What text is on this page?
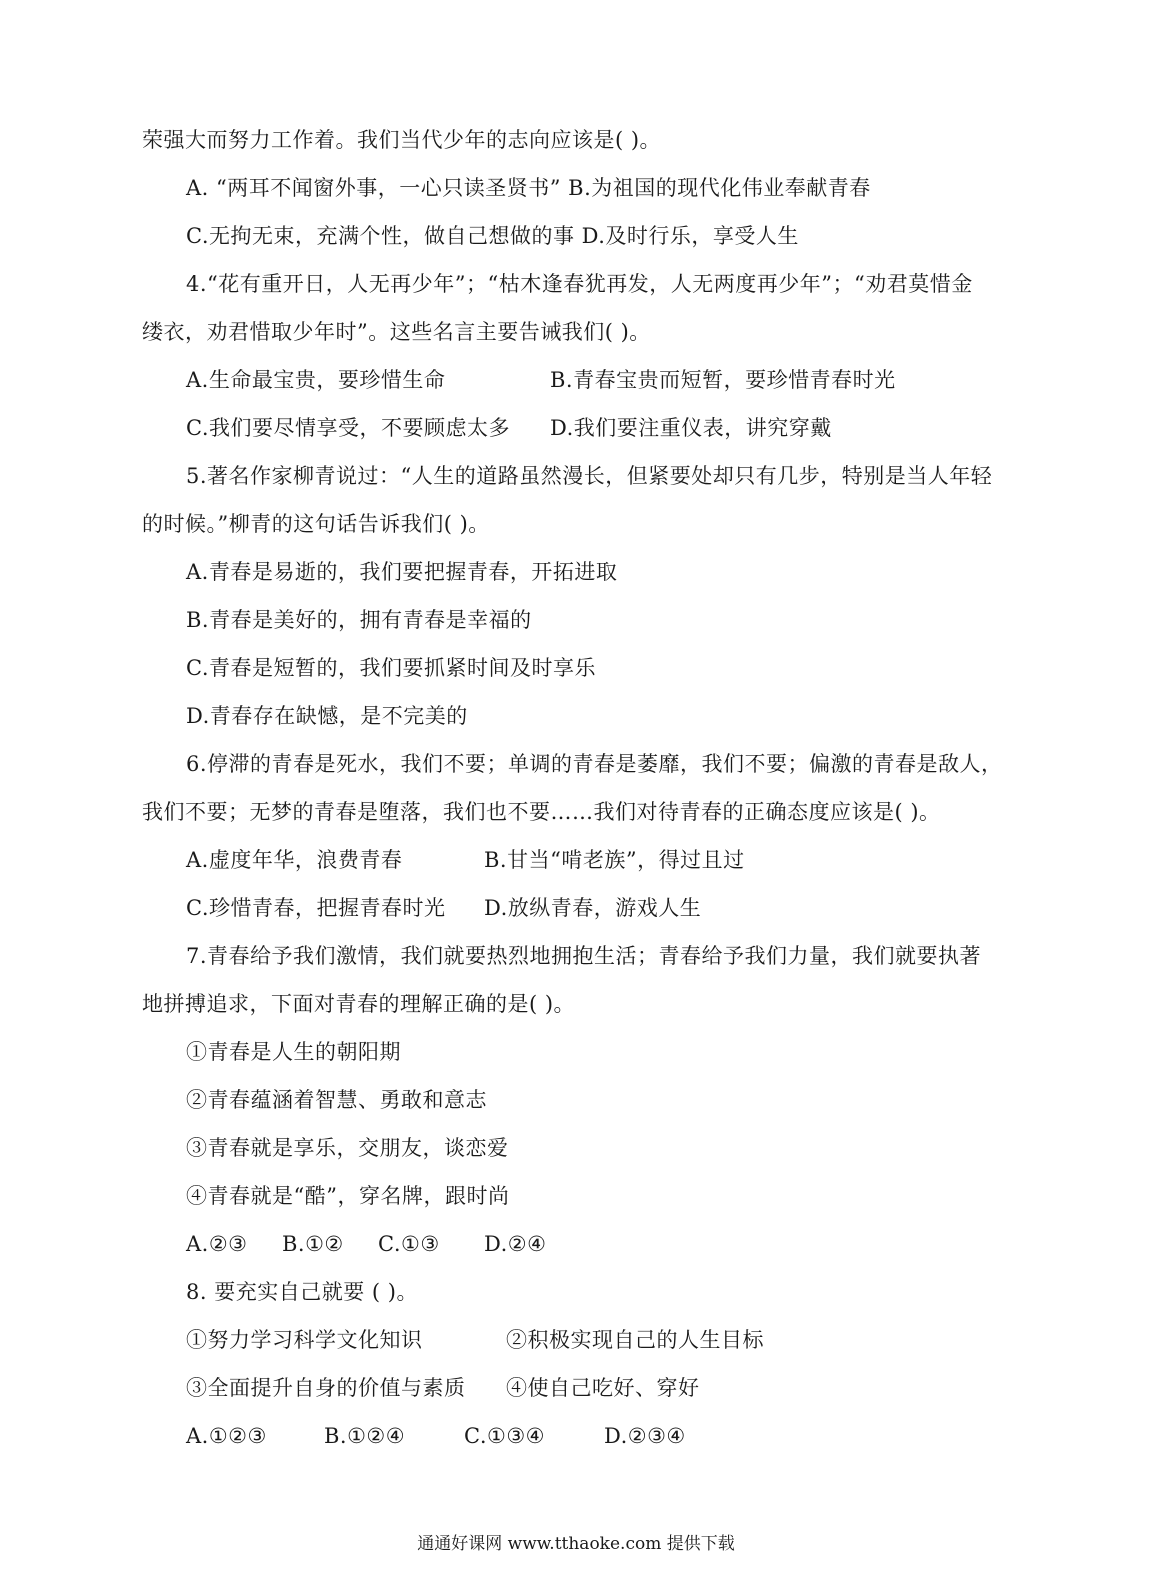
荣强大而努力工作着。我们当代少年的志向应该是( )。
A. “两耳不闻窗外事，一心只读圣贤书” B.为祖国的现代化伟业奉献青春
C.无拘无束，充满个性，做自己想做的事 D.及时行乐，享受人生
4.“花有重开日，人无再少年”；“枯木逢春犹再发，人无两度再少年”；“劝君莫惜金
缕衣，劝君惜取少年时”。这些名言主要告诫我们( )。
A.生命最宝贵，要珍惜生命	B.青春宝贵而短暂，要珍惜青春时光
C.我们要尽情享受，不要顾虑太多 D.我们要注重仪表，讲究穿戴
5.著名作家柳青说过：“人生的道路虽然漫长，但紧要处却只有几步，特别是当人年轻
的时候。”柳青的这句话告诉我们( )。
A.青春是易逝的，我们要把握青春，开拓进取
B.青春是美好的，拥有青春是幸福的
C.青春是短暂的，我们要抓紧时间及时享乐
D.青春存在缺憾，是不完美的
6.停滞的青春是死水，我们不要；单调的青春是萎靡，我们不要；偏激的青春是敌人，
我们不要；无梦的青春是堕落，我们也不要……我们对待青春的正确态度应该是( )。
A.虚度年华，浪费青春	B.甘当“啃老族”，得过且过
C.珍惜青春，把握青春时光 D.放纵青春，游戏人生
7.青春给予我们激情，我们就要热烈地拥抱生活；青春给予我们力量，我们就要执著
地拼搏追求，下面对青春的理解正确的是( )。
①青春是人生的朝阳期
②青春蕴涵着智慧、勇敢和意志
③青春就是享乐，交朋友，谈恋爱
④青春就是“酷”，穿名牌，跟时尚
A.②③ B.①② C.①③ D.②④
8. 要充实自己就要 ( )。
①努力学习科学文化知识	②积极实现自己的人生目标
③全面提升自身的价值与素质 ④使自己吃好、穿好
A.①②③	B.①②④	C.①③④	D.②③④
通通好课网 www.tthaoke.com 提供下载
